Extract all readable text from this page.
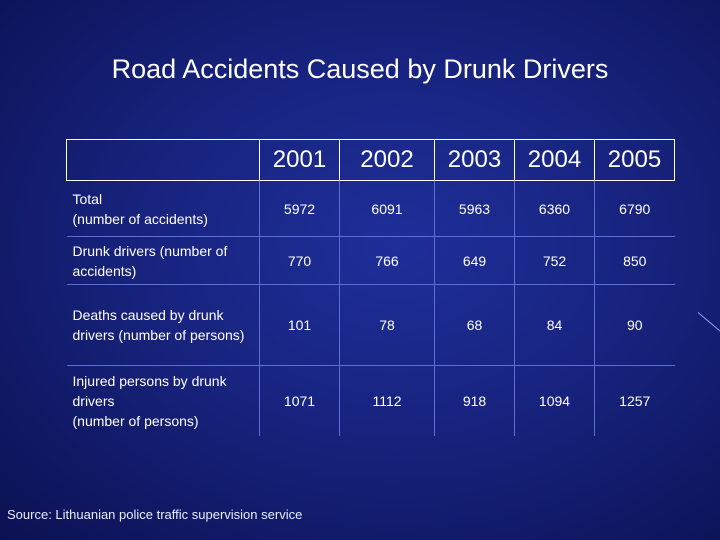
Road Accidents Caused by Drunk Drivers
	2001	2002	2003	2004	2005
Total
(number of accidents)	5972	6091	5963	6360	6790
Drunk drivers (number of accidents)	770	766	649	752	850
Deaths caused by drunk drivers (number of persons)	101	78	68	84	90
Injured persons by drunk drivers
(number of persons)	1071	1112	918	1094	1257
Source: Lithuanian police traffic supervision service
